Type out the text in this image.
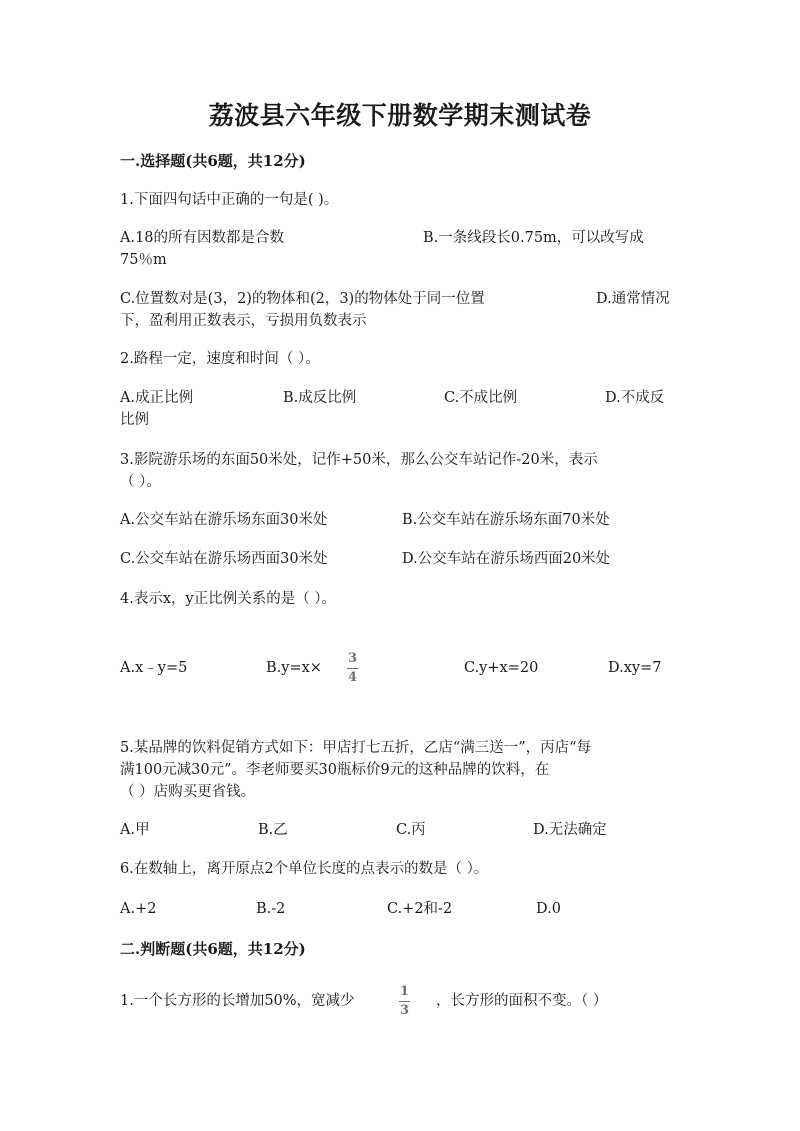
荔波县六年级下册数学期末测试卷
一.选择题(共6题，共12分)
1.下面四句话中正确的一句是( )。
A.18的所有因数都是合数	B.一条线段长0.75m，可以改写成
75％m
C.位置数对是(3，2)的物体和(2，3)的物体处于同一位置	D.通常情况
下，盈利用正数表示，亏损用负数表示
2.路程一定，速度和时间（ ）。
A.成正比例	B.成反比例	C.不成比例	D.不成反
比例
3.影院游乐场的东面50米处，记作+50米，那么公交车站记作-20米，表示
（ ）。
A.公交车站在游乐场东面30米处	B.公交车站在游乐场东面70米处
C.公交车站在游乐场西面30米处	D.公交车站在游乐场西面20米处
4.表示x，y正比例关系的是（ ）。
A.x﹣y=5	B.y=x×
3
4
C.y+x=20	D.xy=7
5.某品牌的饮料促销方式如下：甲店打七五折，乙店“满三送一”，丙店“每
满100元减30元”。李老师要买30瓶标价9元的这种品牌的饮料，在
（ ）店购买更省钱。
A.甲	B.乙	C.丙	D.无法确定
6.在数轴上，离开原点2个单位长度的点表示的数是（ ）。
A.+2	B.-2	C.+2和-2	D.0
二.判断题(共6题，共12分)
1.一个长方形的长增加50%，宽减少
1
3
，长方形的面积不变。（ ）
